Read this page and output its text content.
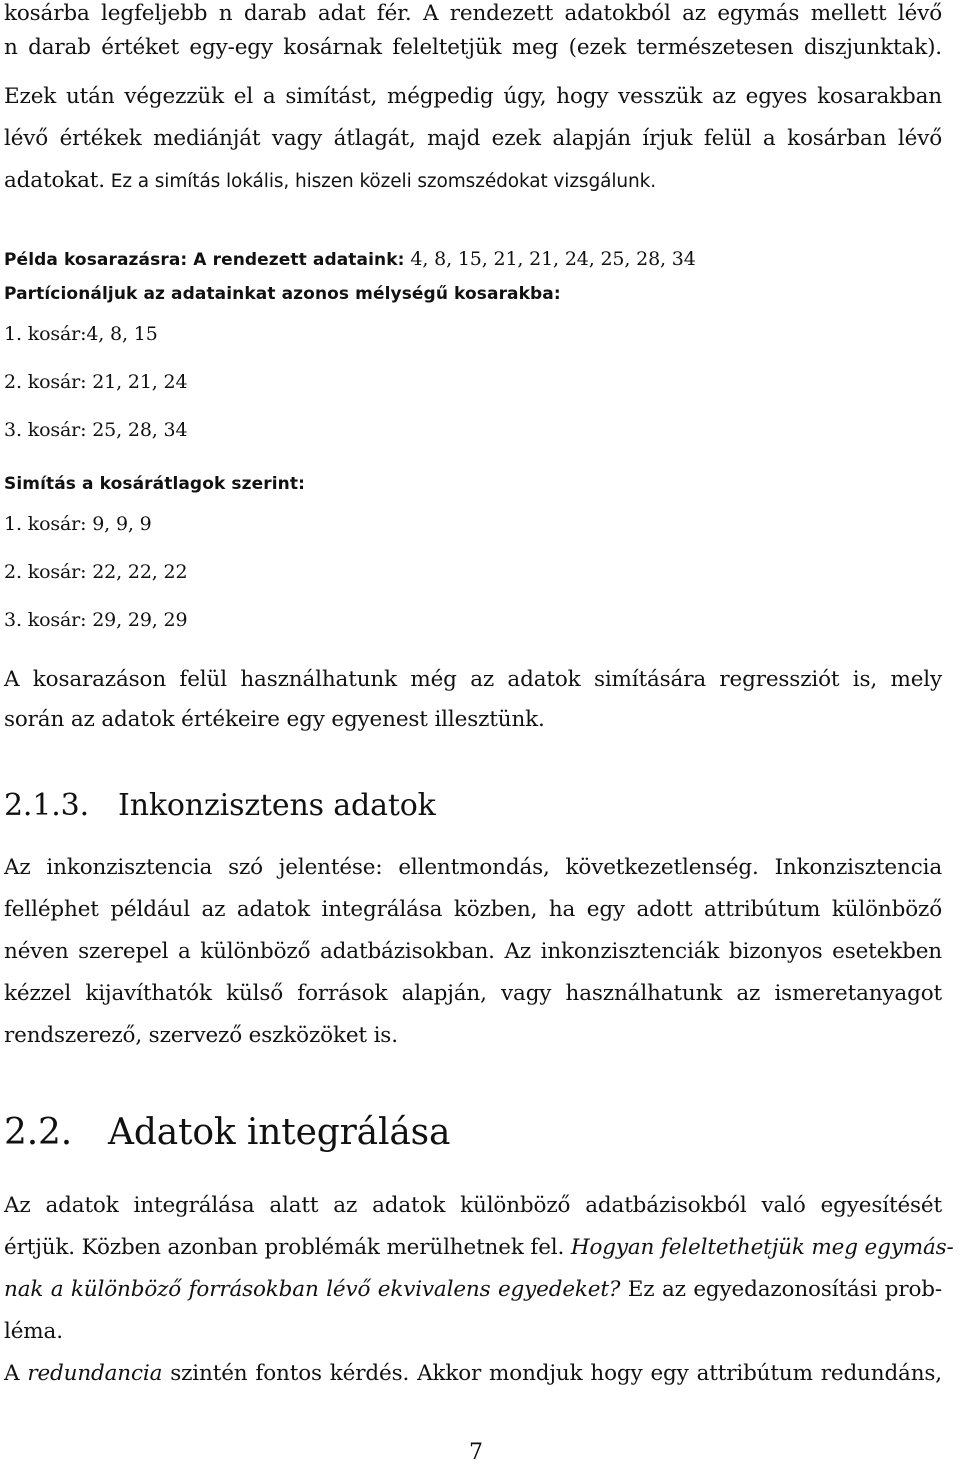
kosárba legfeljebb n darab adat fér. A rendezett adatokból az egymás mellett lévő
n darab értéket egy-egy kosárnak feleltetjük meg (ezek természetesen diszjunktak).
Ezek után végezzük el a simítást, mégpedig úgy, hogy vesszük az egyes kosarakban
lévő értékek mediánját vagy átlagát, majd ezek alapján írjuk felül a kosárban lévő
adatokat. Ez a simítás lokális, hiszen közeli szomszédokat vizsgálunk.
Példa kosarazásra: A rendezett adataink: 4, 8, 15, 21, 21, 24, 25, 28, 34
Partícionáljuk az adatainkat azonos mélységű kosarakba:
1. kosár:4, 8, 15
2. kosár: 21, 21, 24
3. kosár: 25, 28, 34
Simítás a kosárátlagok szerint:
1. kosár: 9, 9, 9
2. kosár: 22, 22, 22
3. kosár: 29, 29, 29
A kosarazáson felül használhatunk még az adatok simítására regressziót is, mely
során az adatok értékeire egy egyenest illesztünk.
2.1.3. Inkonzisztens adatok
Az inkonzisztencia szó jelentése: ellentmondás, következetlenség. Inkonzisztencia
felléphet például az adatok integrálása közben, ha egy adott attribútum különböző
néven szerepel a különböző adatbázisokban. Az inkonzisztenciák bizonyos esetekben
kézzel kijavíthatók külső források alapján, vagy használhatunk az ismeretanyagot
rendszerező, szervező eszközöket is.
2.2. Adatok integrálása
Az adatok integrálása alatt az adatok különböző adatbázisokból való egyesítését
értjük. Közben azonban problémák merülhetnek fel. Hogyan feleltethetjük meg egymás-
nak a különböző forrásokban lévő ekvivalens egyedeket? Ez az egyedazonosítási prob-
léma.
A redundancia szintén fontos kérdés. Akkor mondjuk hogy egy attribútum redundáns,
7
